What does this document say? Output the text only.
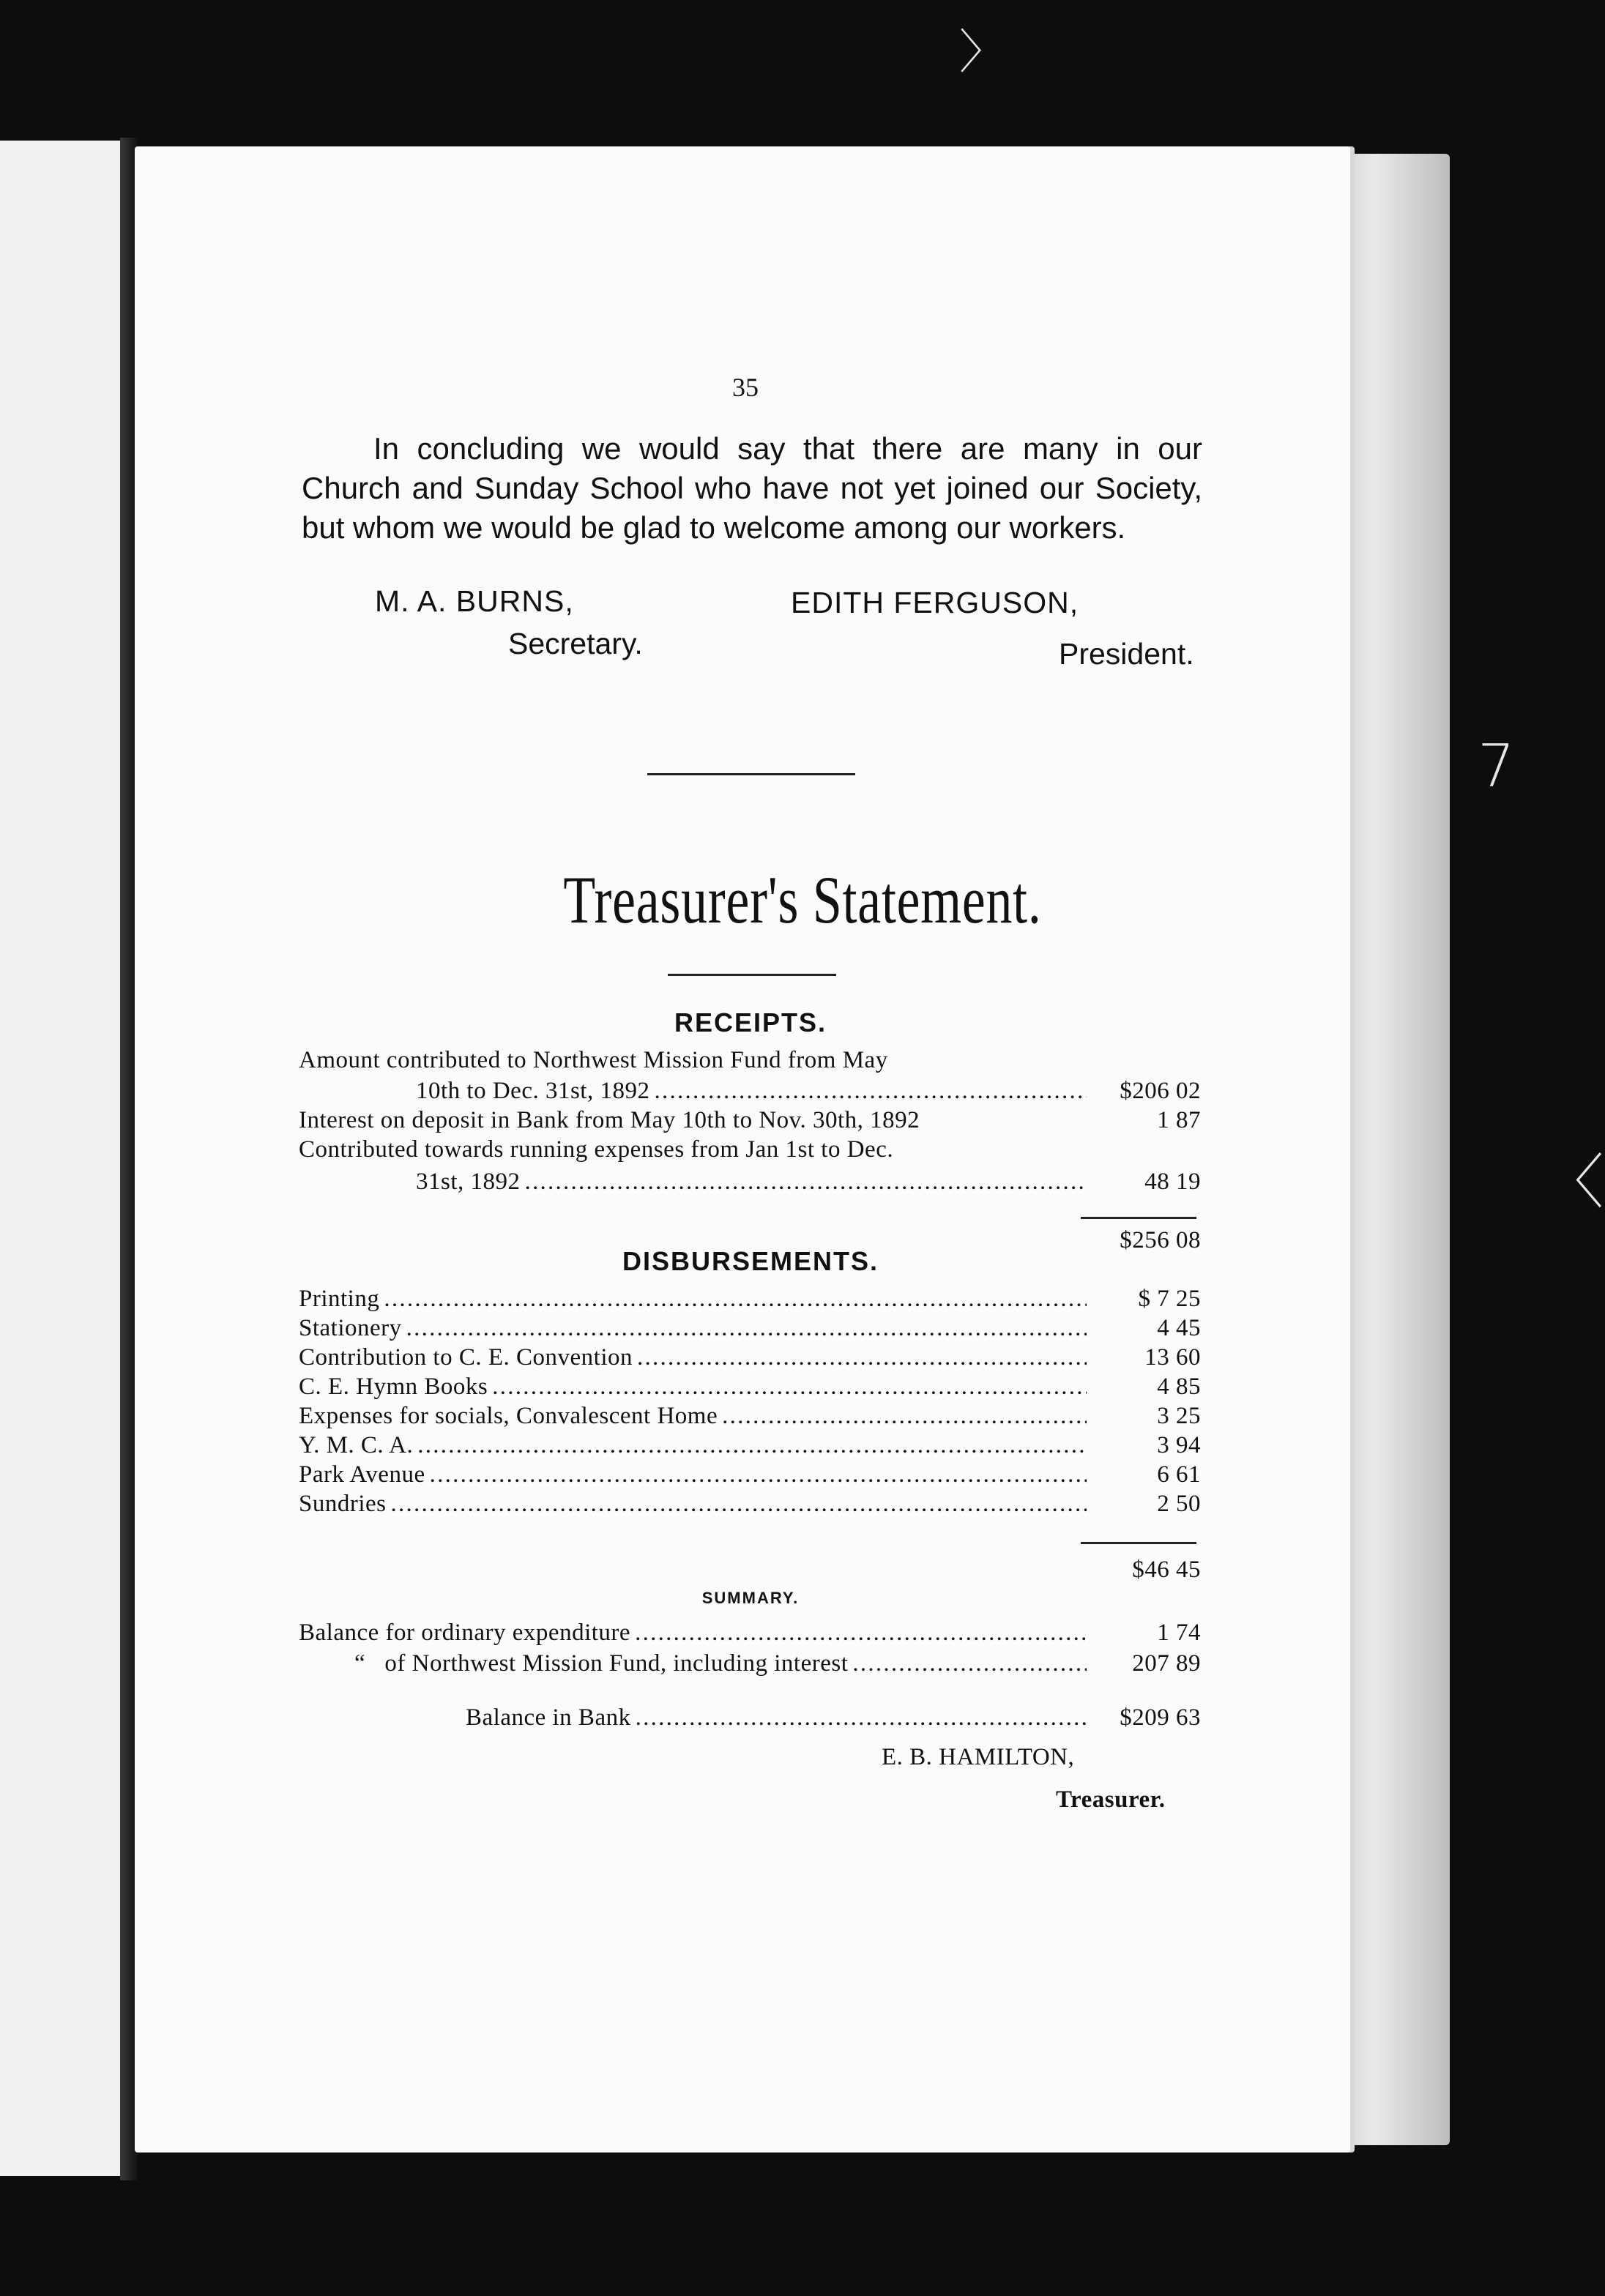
〉
7
〈
35
In concluding we would say that there are many in our
Church and Sunday School who have not yet joined our Society,
but whom we would be glad to welcome among our workers.
M. A. BURNS,
Secretary.
EDITH FERGUSON,
President.
Treasurer's Statement.
RECEIPTS.
Amount contributed to Northwest Mission Fund from May
10th to Dec. 31st, 1892 . . .	$206 02
Interest on deposit in Bank from May 10th to Nov. 30th, 1892	1 87
Contributed towards running expenses from Jan 1st to Dec.
31st, 1892 . . .	48 19
$256 08
DISBURSEMENTS.
Printing . . .	$ 7 25
Stationery . . .	4 45
Contribution to C. E. Convention . . .	13 60
C. E. Hymn Books . . .	4 85
Expenses for socials, Convalescent Home . . .	3 25
Y. M. C. A. . . .	3 94
Park Avenue . . .	6 61
Sundries . . .	2 50
$46 45
SUMMARY.
Balance for ordinary expenditure . . .	1 74
“   of Northwest Mission Fund, including interest . . .	207 89
Balance in Bank . . .	$209 63
E. B. HAMILTON,
Treasurer.
